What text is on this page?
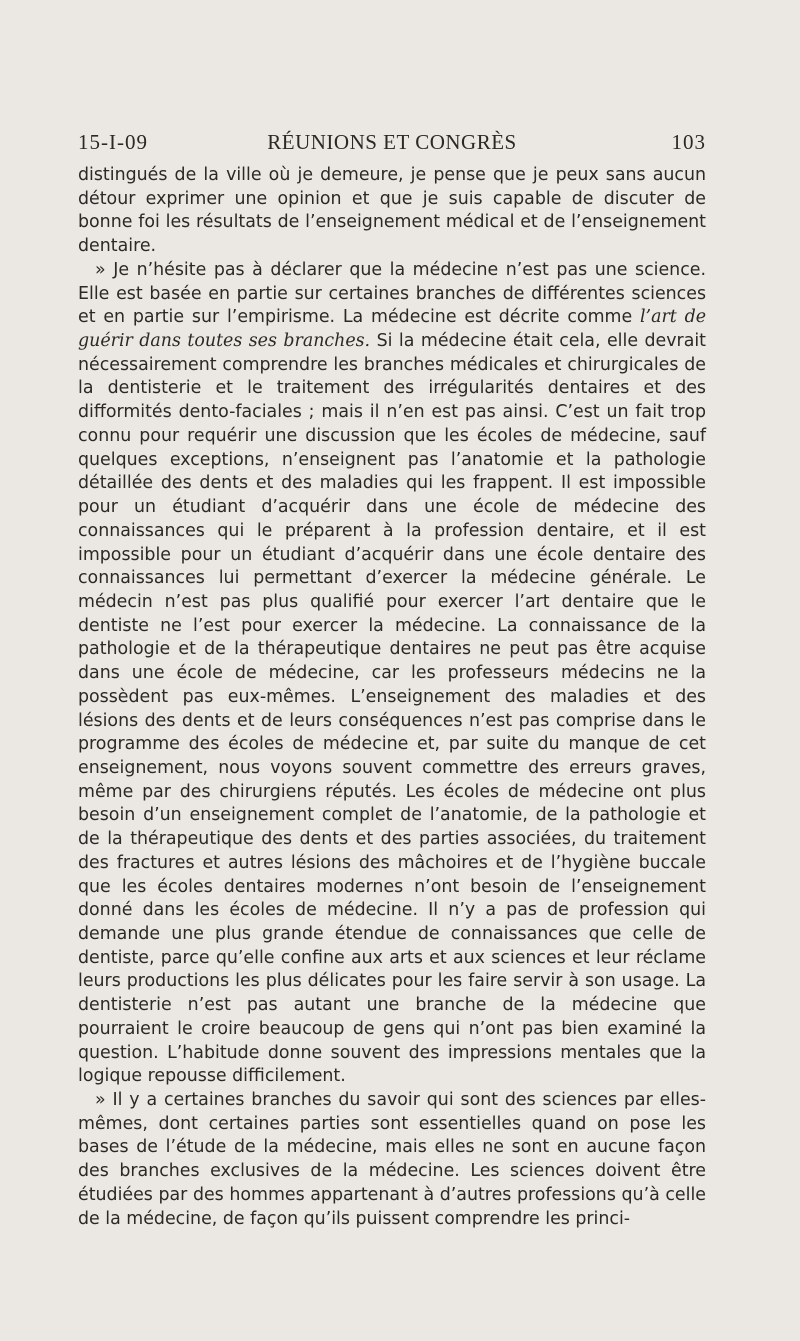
15-I-09	RÉUNIONS ET CONGRÈS	103

distingués de la ville où je demeure, je pense que je peux sans aucun détour exprimer une opinion et que je suis capable de discuter de bonne foi les résultats de l’enseignement médical et de l’enseignement dentaire.

» Je n’hésite pas à déclarer que la médecine n’est pas une science. Elle est basée en partie sur certaines branches de différentes sciences et en partie sur l’empirisme. La médecine est décrite comme l’art de guérir dans toutes ses branches. Si la médecine était cela, elle devrait nécessairement comprendre les branches médicales et chirurgicales de la dentisterie et le traitement des irrégularités dentaires et des difformités dento-faciales ; mais il n’en est pas ainsi. C’est un fait trop connu pour requérir une discussion que les écoles de médecine, sauf quelques exceptions, n’enseignent pas l’anatomie et la pathologie détaillée des dents et des maladies qui les frappent. Il est impossible pour un étudiant d’acquérir dans une école de médecine des connaissances qui le préparent à la profession dentaire, et il est impossible pour un étudiant d’acquérir dans une école dentaire des connaissances lui permettant d’exercer la médecine générale. Le médecin n’est pas plus qualifié pour exercer l’art dentaire que le dentiste ne l’est pour exercer la médecine. La connaissance de la pathologie et de la thérapeutique dentaires ne peut pas être acquise dans une école de médecine, car les professeurs médecins ne la possèdent pas eux-mêmes. L’enseignement des maladies et des lésions des dents et de leurs conséquences n’est pas comprise dans le programme des écoles de médecine et, par suite du manque de cet enseignement, nous voyons souvent commettre des erreurs graves, même par des chirurgiens réputés. Les écoles de médecine ont plus besoin d’un enseignement complet de l’anatomie, de la pathologie et de la thérapeutique des dents et des parties associées, du traitement des fractures et autres lésions des mâchoires et de l’hygiène buccale que les écoles dentaires modernes n’ont besoin de l’enseignement donné dans les écoles de médecine. Il n’y a pas de profession qui demande une plus grande étendue de connaissances que celle de dentiste, parce qu’elle confine aux arts et aux sciences et leur réclame leurs productions les plus délicates pour les faire servir à son usage. La dentisterie n’est pas autant une branche de la médecine que pourraient le croire beaucoup de gens qui n’ont pas bien examiné la question. L’habitude donne souvent des impressions mentales que la logique repousse difficilement.

» Il y a certaines branches du savoir qui sont des sciences par elles-mêmes, dont certaines parties sont essentielles quand on pose les bases de l’étude de la médecine, mais elles ne sont en aucune façon des branches exclusives de la médecine. Les sciences doivent être étudiées par des hommes appartenant à d’autres professions qu’à celle de la médecine, de façon qu’ils puissent comprendre les princi-
